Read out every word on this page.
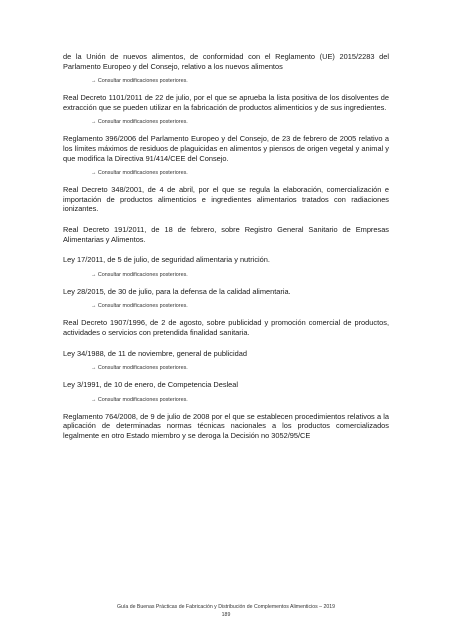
de la Unión de nuevos alimentos, de conformidad con el Reglamento (UE) 2015/2283 del Parlamento Europeo y del Consejo, relativo a los nuevos alimentos

→ Consultar modificaciones posteriores.

Real Decreto 1101/2011 de 22 de julio, por el que se aprueba la lista positiva de los disolventes de extracción que se pueden utilizar en la fabricación de productos alimenticios y de sus ingredientes.

→ Consultar modificaciones posteriores.

Reglamento 396/2006 del Parlamento Europeo y del Consejo, de 23 de febrero de 2005 relativo a los límites máximos de residuos de plaguicidas en alimentos y piensos de origen vegetal y animal y que modifica la Directiva 91/414/CEE del Consejo.

→ Consultar modificaciones posteriores.

Real Decreto 348/2001, de 4 de abril, por el que se regula la elaboración, comercialización e importación de productos alimenticios e ingredientes alimentarios tratados con radiaciones ionizantes.

Real Decreto 191/2011, de 18 de febrero, sobre Registro General Sanitario de Empresas Alimentarias y Alimentos.

Ley 17/2011, de 5 de julio, de seguridad alimentaria y nutrición.

→ Consultar modificaciones posteriores.

Ley 28/2015, de 30 de julio, para la defensa de la calidad alimentaria.

→ Consultar modificaciones posteriores.

Real Decreto 1907/1996, de 2 de agosto, sobre publicidad y promoción comercial de productos, actividades o servicios con pretendida finalidad sanitaria.

Ley 34/1988, de 11 de noviembre, general de publicidad

→ Consultar modificaciones posteriores.

Ley 3/1991, de 10 de enero, de Competencia Desleal

→ Consultar modificaciones posteriores.

Reglamento 764/2008, de 9 de julio de 2008 por el que se establecen procedimientos relativos a la aplicación de determinadas normas técnicas nacionales a los productos comercializados legalmente en otro Estado miembro y se deroga la Decisión no 3052/95/CE

Guía de Buenas Prácticas de Fabricación y Distribución de Complementos Alimenticios – 2019
189
